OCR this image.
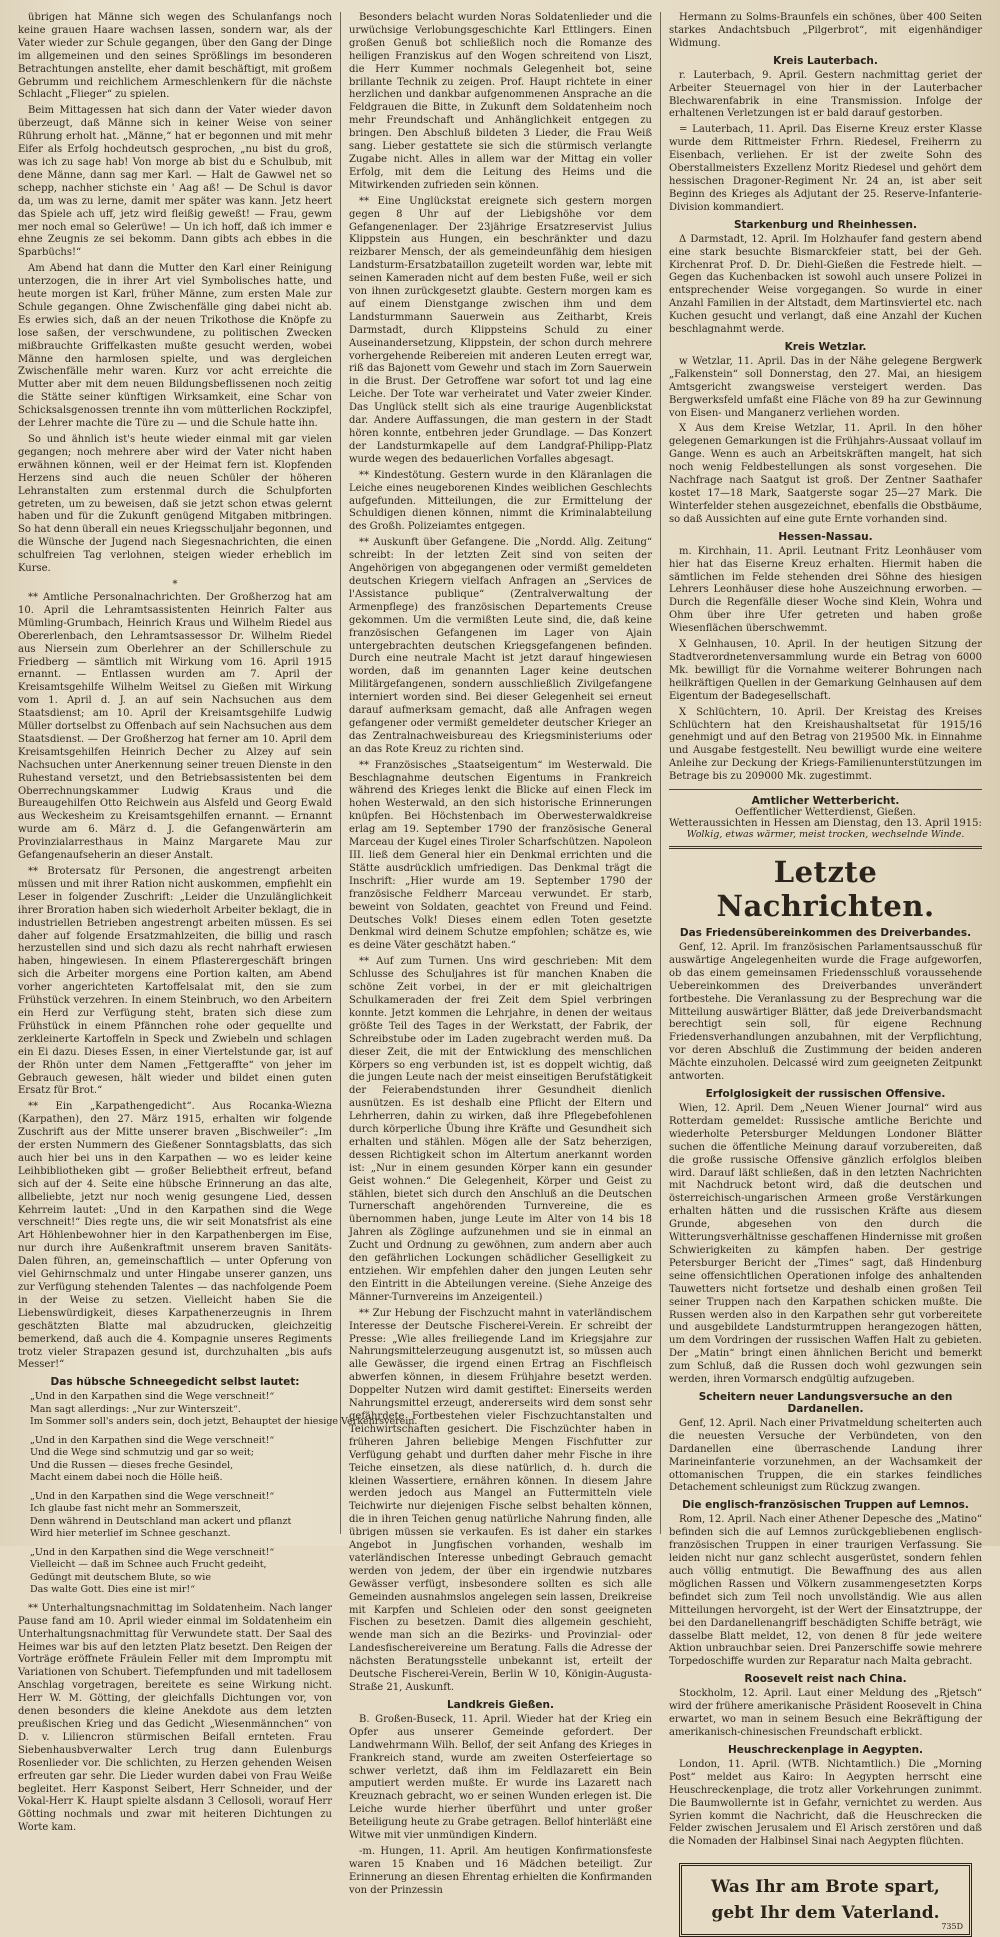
übrigen hat Männe sich wegen des Schulanfangs noch keine grauen Haare wachsen lassen, sondern war, als der Vater wieder zur Schule gegangen, über den Gang der Dinge im allgemeinen und den seines Sprößlings im besonderen Betrachtungen anstellte, eher damit beschäftigt, mit großem Gebrumm und reichlichem Armeschlenkern für die nächste Schlacht „Flieger“ zu spielen.

Beim Mittagessen hat sich dann der Vater wieder davon überzeugt, daß Männe sich in keiner Weise von seiner Rührung erholt hat. „Männe,“ hat er begonnen und mit mehr Eifer als Erfolg hochdeutsch gesprochen, „nu bist du groß, was ich zu sage hab! Von morge ab bist du e Schulbub, mit dene Männe, dann sag mer Karl. — Halt de Gawwel net so schepp, nachher stichste ein ' Aag aß! — De Schul is davor da, um was zu lerne, damit mer später was kann. Jetz heert das Spiele ach uff, jetz wird fleißig geweßt! — Frau, gewm mer noch emal so Gelerüwe! — Un ich hoff, daß ich immer e ehne Zeugnis ze sei bekomm. Dann gibts ach ebbes in die Sparbüchs!“

Am Abend hat dann die Mutter den Karl einer Reinigung unterzogen, die in ihrer Art viel Symbolisches hatte, und heute morgen ist Karl, früher Männe, zum ersten Male zur Schule gegangen. Ohne Zwischenfälle ging dabei nicht ab. Es erwies sich, daß an der neuen Trikothose die Knöpfe zu lose saßen, der verschwundene, zu politischen Zwecken mißbrauchte Griffelkasten mußte gesucht werden, wobei Männe den harmlosen spielte, und was dergleichen Zwischenfälle mehr waren. Kurz vor acht erreichte die Mutter aber mit dem neuen Bildungsbeflissenen noch zeitig die Stätte seiner künftigen Wirksamkeit, eine Schar von Schicksalsgenossen trennte ihn vom mütterlichen Rockzipfel, der Lehrer machte die Türe zu — und die Schule hatte ihn.

So und ähnlich ist's heute wieder einmal mit gar vielen gegangen; noch mehrere aber wird der Vater nicht haben erwähnen können, weil er der Heimat fern ist. Klopfenden Herzens sind auch die neuen Schüler der höheren Lehranstalten zum erstenmal durch die Schulpforten getreten, um zu beweisen, daß sie jetzt schon etwas gelernt haben und für die Zukunft genügend Mitgaben mitbringen. So hat denn überall ein neues Kriegsschuljahr begonnen, und die Wünsche der Jugend nach Siegesnachrichten, die einen schulfreien Tag verlohnen, steigen wieder erheblich im Kurse.

*

** Amtliche Personalnachrichten. Der Großherzog hat am 10. April die Lehramtsassistenten Heinrich Falter aus Mümling-Grumbach, Heinrich Kraus und Wilhelm Riedel aus Obererlenbach, den Lehramtsassessor Dr. Wilhelm Riedel aus Niersein zum Oberlehrer an der Schillerschule zu Friedberg — sämtlich mit Wirkung vom 16. April 1915 ernannt. — Entlassen wurden am 7. April der Kreisamtsgehilfe Wilhelm Weitsel zu Gießen mit Wirkung vom 1. April d. J. an auf sein Nachsuchen aus dem Staatsdienst; am 10. April der Kreisamtsgehilfe Ludwig Müller dortselbst zu Offenbach auf sein Nachsuchen aus dem Staatsdienst. — Der Großherzog hat ferner am 10. April dem Kreisamtsgehilfen Heinrich Decher zu Alzey auf sein Nachsuchen unter Anerkennung seiner treuen Dienste in den Ruhestand versetzt, und den Betriebsassistenten bei dem Oberrechnungskammer Ludwig Kraus und die Bureaugehilfen Otto Reichwein aus Alsfeld und Georg Ewald aus Weckesheim zu Kreisamtsgehilfen ernannt. — Ernannt wurde am 6. März d. J. die Gefangenwärterin am Provinzialarresthaus in Mainz Margarete Mau zur Gefangenaufseherin an dieser Anstalt.

** Brotersatz für Personen, die angestrengt arbeiten müssen und mit ihrer Ration nicht auskommen, empfiehlt ein Leser in folgender Zuschrift: „Leider die Unzulänglichkeit ihrer Broration haben sich wiederholt Arbeiter beklagt, die in industriellen Betrieben angestrengt arbeiten müssen. Es sei daher auf folgende Ersatzmahlzeiten, die billig und rasch herzustellen sind und sich dazu als recht nahrhaft erwiesen haben, hingewiesen. In einem Pflasterergeschäft bringen sich die Arbeiter morgens eine Portion kalten, am Abend vorher angerichteten Kartoffelsalat mit, den sie zum Frühstück verzehren. In einem Steinbruch, wo den Arbeitern ein Herd zur Verfügung steht, braten sich diese zum Frühstück in einem Pfännchen rohe oder gequellte und zerkleinerte Kartoffeln in Speck und Zwiebeln und schlagen ein Ei dazu. Dieses Essen, in einer Viertelstunde gar, ist auf der Rhön unter dem Namen „Fettgeraffte“ von jeher im Gebrauch gewesen, hält wieder und bildet einen guten Ersatz für Brot.“

** Ein „Karpathengedicht“. Aus Rocanka-Wiezna (Karpathen), den 27. März 1915, erhalten wir folgende Zuschrift aus der Mitte unserer braven „Bischweiler“: „Im der ersten Nummern des Gießener Sonntagsblatts, das sich auch hier bei uns in den Karpathen — wo es leider keine Leihbibliotheken gibt — großer Beliebtheit erfreut, befand sich auf der 4. Seite eine hübsche Erinnerung an das alte, allbeliebte, jetzt nur noch wenig gesungene Lied, dessen Kehrreim lautet: „Und in den Karpathen sind die Wege verschneit!“ Dies regte uns, die wir seit Monatsfrist als eine Art Höhlenbewohner hier in den Karpathenbergen im Eise, nur durch ihre Außenkraftmit unserem braven Sanitäts-Dalen führen, an, gemeinschaftlich — unter Opferung von viel Gehirnschmalz und unter Hingabe unserer ganzen, uns zur Verfügung stehenden Talentes — das nachfolgende Poem in der Weise zu setzen. Vielleicht haben Sie die Liebenswürdigkeit, dieses Karpathenerzeugnis in Ihrem geschätzten Blatte mal abzudrucken, gleichzeitig bemerkend, daß auch die 4. Kompagnie unseres Regiments trotz vieler Strapazen gesund ist, durchzuhalten „bis aufs Messer!“

Das hübsche Schneegedicht selbst lautet:
„Und in den Karpathen sind die Wege verschneit!“
Man sagt allerdings: „Nur zur Winterszeit“.
Im Sommer soll's anders sein, doch jetzt, Behauptet der hiesige Verkehrsverein.
„Und in den Karpathen sind die Wege verschneit!“
Und die Wege sind schmutzig und gar so weit;
Und die Russen — dieses freche Gesindel,
Macht einem dabei noch die Hölle heiß.
„Und in den Karpathen sind die Wege verschneit!“
Ich glaube fast nicht mehr an Sommerszeit,
Denn während in Deutschland man ackert und pflanzt
Wird hier meterlief im Schnee geschanzt.
„Und in den Karpathen sind die Wege verschneit!“
Vielleicht — daß im Schnee auch Frucht gedeiht,
Gedüngt mit deutschem Blute, so wie
Das walte Gott. Dies eine ist mir!“

** Unterhaltungsnachmittag im Soldatenheim. Nach langer Pause fand am 10. April wieder einmal im Soldatenheim ein Unterhaltungsnachmittag für Verwundete statt. Der Saal des Heimes war bis auf den letzten Platz besetzt. Den Reigen der Vorträge eröffnete Fräulein Feller mit dem Impromptu mit Variationen von Schubert. Tiefempfunden und mit tadellosem Anschlag vorgetragen, bereitete es seine Wirkung nicht. Herr W. M. Götting, der gleichfalls Dichtungen vor, von denen besonders die kleine Anekdote aus dem letzten preußischen Krieg und das Gedicht „Wiesenmännchen“ von D. v. Liliencron stürmischen Beifall ernteten. Frau Siebenhausbverwalter Lerch trug dann Eulenburgs Rosenlieder vor. Die schlichten, zu Herzen gehenden Weisen erfreuten gar sehr. Die Lieder wurden dabei von Frau Weiße begleitet. Herr Kasponst Seibert, Herr Schneider, und der Vokal-Herr K. Haupt spielte alsdann 3 Cellosoli, worauf Herr Götting nochmals und zwar mit heiteren Dichtungen zu Worte kam.

Besonders belacht wurden Noras Soldatenlieder und die urwüchsige Verlobungsgeschichte Karl Ettlingers. Einen großen Genuß bot schließlich noch die Romanze des heiligen Franziskus auf den Wogen schreitend von Liszt, die Herr Kummer nochmals Gelegenheit bot, seine brillante Technik zu zeigen. Prof. Haupt richtete in einer herzlichen und dankbar aufgenommenen Ansprache an die Feldgrauen die Bitte, in Zukunft dem Soldatenheim noch mehr Freundschaft und Anhänglichkeit entgegen zu bringen. Den Abschluß bildeten 3 Lieder, die Frau Weiß sang. Lieber gestattete sie sich die stürmisch verlangte Zugabe nicht. Alles in allem war der Mittag ein voller Erfolg, mit dem die Leitung des Heims und die Mitwirkenden zufrieden sein können.

** Eine Unglückstat ereignete sich gestern morgen gegen 8 Uhr auf der Liebigshöhe vor dem Gefangenenlager. Der 23jährige Ersatzreservist Julius Klippstein aus Hungen, ein beschränkter und dazu reizbarer Mensch, der als gemeindeunfähig dem hiesigen Landsturm-Ersatzbataillon zugeteilt worden war, lebte mit seinen Kameraden nicht auf dem besten Fuße, weil er sich von ihnen zurückgesetzt glaubte. Gestern morgen kam es auf einem Dienstgange zwischen ihm und dem Landsturmmann Sauerwein aus Zeitharbt, Kreis Darmstadt, durch Klippsteins Schuld zu einer Auseinandersetzung, Klippstein, der schon durch mehrere vorhergehende Reibereien mit anderen Leuten erregt war, riß das Bajonett vom Gewehr und stach im Zorn Sauerwein in die Brust. Der Getroffene war sofort tot und lag eine Leiche. Der Tote war verheiratet und Vater zweier Kinder. Das Unglück stellt sich als eine traurige Augenblickstat dar. Andere Auffassungen, die man gestern in der Stadt hören konnte, entbehren jeder Grundlage. — Das Konzert der Landsturmkapelle auf dem Landgraf-Philipp-Platz wurde wegen des bedauerlichen Vorfalles abgesagt.

** Kindestötung. Gestern wurde in den Kläranlagen die Leiche eines neugeborenen Kindes weiblichen Geschlechts aufgefunden. Mitteilungen, die zur Ermittelung der Schuldigen dienen können, nimmt die Kriminalabteilung des Großh. Polizeiamtes entgegen.

** Auskunft über Gefangene. Die „Nordd. Allg. Zeitung“ schreibt: In der letzten Zeit sind von seiten der Angehörigen von abgegangenen oder vermißt gemeldeten deutschen Kriegern vielfach Anfragen an „Services de l'Assistance publique“ (Zentralverwaltung der Armenpflege) des französischen Departements Creuse gekommen. Um die vermißten Leute sind, die, daß keine französischen Gefangenen im Lager von Ajain untergebrachten deutschen Kriegsgefangenen befinden. Durch eine neutrale Macht ist jetzt darauf hingewiesen worden, daß im genannten Lager keine deutschen Militärgefangenen, sondern ausschließlich Zivilgefangene interniert worden sind. Bei dieser Gelegenheit sei erneut darauf aufmerksam gemacht, daß alle Anfragen wegen gefangener oder vermißt gemeldeter deutscher Krieger an das Zentralnachweisbureau des Kriegsministeriums oder an das Rote Kreuz zu richten sind.

** Französisches „Staatseigentum“ im Westerwald. Die Beschlagnahme deutschen Eigentums in Frankreich während des Krieges lenkt die Blicke auf einen Fleck im hohen Westerwald, an den sich historische Erinnerungen knüpfen. Bei Höchstenbach im Oberwesterwaldkreise erlag am 19. September 1790 der französische General Marceau der Kugel eines Tiroler Scharfschützen. Napoleon III. ließ dem General hier ein Denkmal errichten und die Stätte ausdrücklich umfriedigen. Das Denkmal trägt die Inschrift: „Hier wurde am 19. September 1790 der französische Feldherr Marceau verwundet. Er starb, beweint von Soldaten, geachtet von Freund und Feind. Deutsches Volk! Dieses einem edlen Toten gesetzte Denkmal wird deinem Schutze empfohlen; schätze es, wie es deine Väter geschätzt haben.“

** Auf zum Turnen. Uns wird geschrieben: Mit dem Schlusse des Schuljahres ist für manchen Knaben die schöne Zeit vorbei, in der er mit gleichaltrigen Schulkameraden der frei Zeit dem Spiel verbringen konnte. Jetzt kommen die Lehrjahre, in denen der weitaus größte Teil des Tages in der Werkstatt, der Fabrik, der Schreibstube oder im Laden zugebracht werden muß. Da dieser Zeit, die mit der Entwicklung des menschlichen Körpers so eng verbunden ist, ist es doppelt wichtig, daß die jungen Leute nach der meist einseitigen Berufstätigkeit der Feierabendstunden ihrer Gesundheit dienlich ausnützen. Es ist deshalb eine Pflicht der Eltern und Lehrherren, dahin zu wirken, daß ihre Pflegebefohlenen durch körperliche Übung ihre Kräfte und Gesundheit sich erhalten und stählen. Mögen alle der Satz beherzigen, dessen Richtigkeit schon im Altertum anerkannt worden ist: „Nur in einem gesunden Körper kann ein gesunder Geist wohnen.“ Die Gelegenheit, Körper und Geist zu stählen, bietet sich durch den Anschluß an die Deutschen Turnerschaft angehörenden Turnvereine, die es übernommen haben, junge Leute im Alter von 14 bis 18 Jahren als Zöglinge aufzunehmen und sie in einmal an Zucht und Ordnung zu gewöhnen, zum andern aber auch den gefährlichen Lockungen schädlicher Geselligkeit zu entziehen. Wir empfehlen daher den jungen Leuten sehr den Eintritt in die Abteilungen vereine. (Siehe Anzeige des Männer-Turnvereins im Anzeigenteil.)

** Zur Hebung der Fischzucht mahnt in vaterländischem Interesse der Deutsche Fischerei-Verein. Er schreibt der Presse: „Wie alles freiliegende Land im Kriegsjahre zur Nahrungsmittelerzeugung ausgenutzt ist, so müssen auch alle Gewässer, die irgend einen Ertrag an Fischfleisch abwerfen können, in diesem Frühjahre besetzt werden. Doppelter Nutzen wird damit gestiftet: Einerseits werden Nahrungsmittel erzeugt, andererseits wird dem sonst sehr gefährdete Fortbestehen vieler Fischzuchtanstalten und Teichwirtschaften gesichert. Die Fischzüchter haben in früheren Jahren beliebige Mengen Fischfutter zur Verfügung gehabt und durften daher mehr Fische in ihre Teiche einsetzen, als diese natürlich, d. h. durch die kleinen Wassertiere, ernähren können. In diesem Jahre werden jedoch aus Mangel an Futtermitteln viele Teichwirte nur diejenigen Fische selbst behalten können, die in ihren Teichen genug natürliche Nahrung finden, alle übrigen müssen sie verkaufen. Es ist daher ein starkes Angebot in Jungfischen vorhanden, weshalb im vaterländischen Interesse unbedingt Gebrauch gemacht werden von jedem, der über ein irgendwie nutzbares Gewässer verfügt, insbesondere sollten es sich alle Gemeinden ausnahmslos angelegen sein lassen, Dreikreise mit Karpfen und Schleien oder den sonst geeigneten Fischen zu besetzen. Damit dies allgemein geschieht, wende man sich an die Bezirks- und Provinzial- oder Landesfischereivereine um Beratung. Falls die Adresse der nächsten Beratungsstelle unbekannt ist, erteilt der Deutsche Fischerei-Verein, Berlin W 10, Königin-Augusta-Straße 21, Auskunft.

Landkreis Gießen.

B. Großen-Buseck, 11. April. Wieder hat der Krieg ein Opfer aus unserer Gemeinde gefordert. Der Landwehrmann Wilh. Bellof, der seit Anfang des Krieges in Frankreich stand, wurde am zweiten Osterfeiertage so schwer verletzt, daß ihm im Feldlazarett ein Bein amputiert werden mußte. Er wurde ins Lazarett nach Kreuznach gebracht, wo er seinen Wunden erlegen ist. Die Leiche wurde hierher überführt und unter großer Beteiligung heute zu Grabe getragen. Bellof hinterläßt eine Witwe mit vier unmündigen Kindern.

-m. Hungen, 11. April. Am heutigen Konfirmationsfeste waren 15 Knaben und 16 Mädchen beteiligt. Zur Erinnerung an diesen Ehrentag erhielten die Konfirmanden von der Prinzessin

Hermann zu Solms-Braunfels ein schönes, über 400 Seiten starkes Andachtsbuch „Pilgerbrot“, mit eigenhändiger Widmung.

Kreis Lauterbach.

r. Lauterbach, 9. April. Gestern nachmittag geriet der Arbeiter Steuernagel von hier in der Lauterbacher Blechwarenfabrik in eine Transmission. Infolge der erhaltenen Verletzungen ist er bald darauf gestorben.

= Lauterbach, 11. April. Das Eiserne Kreuz erster Klasse wurde dem Rittmeister Frhrn. Riedesel, Freiherrn zu Eisenbach, verliehen. Er ist der zweite Sohn des Oberstallmeisters Exzellenz Moritz Riedesel und gehört dem hessischen Dragoner-Regiment Nr. 24 an, ist aber seit Beginn des Krieges als Adjutant der 25. Reserve-Infanterie-Division kommandiert.

Starkenburg und Rheinhessen.

Δ Darmstadt, 12. April. Im Holzhaufer fand gestern abend eine stark besuchte Bismarckfeier statt, bei der Geh. Kirchenrat Prof. D. Dr. Diehl-Gießen die Festrede hielt. — Gegen das Kuchenbacken ist sowohl auch unsere Polizei in entsprechender Weise vorgegangen. So wurde in einer Anzahl Familien in der Altstadt, dem Martinsviertel etc. nach Kuchen gesucht und verlangt, daß eine Anzahl der Kuchen beschlagnahmt werde.

Kreis Wetzlar.

w Wetzlar, 11. April. Das in der Nähe gelegene Bergwerk „Falkenstein“ soll Donnerstag, den 27. Mai, an hiesigem Amtsgericht zwangsweise versteigert werden. Das Bergwerksfeld umfaßt eine Fläche von 89 ha zur Gewinnung von Eisen- und Manganerz verliehen worden.

X Aus dem Kreise Wetzlar, 11. April. In den höher gelegenen Gemarkungen ist die Frühjahrs-Aussaat vollauf im Gange. Wenn es auch an Arbeitskräften mangelt, hat sich noch wenig Feldbestellungen als sonst vorgesehen. Die Nachfrage nach Saatgut ist groß. Der Zentner Saathafer kostet 17—18 Mark, Saatgerste sogar 25—27 Mark. Die Winterfelder stehen ausgezeichnet, ebenfalls die Obstbäume, so daß Aussichten auf eine gute Ernte vorhanden sind.

Hessen-Nassau.

m. Kirchhain, 11. April. Leutnant Fritz Leonhäuser vom hier hat das Eiserne Kreuz erhalten. Hiermit haben die sämtlichen im Felde stehenden drei Söhne des hiesigen Lehrers Leonhäuser diese hohe Auszeichnung erworben. — Durch die Regenfälle dieser Woche sind Klein, Wohra und Ohm über ihre Ufer getreten und haben große Wiesenflächen überschwemmt.

X Gelnhausen, 10. April. In der heutigen Sitzung der Stadtverordnetenversammlung wurde ein Betrag von 6000 Mk. bewilligt für die Vornahme weiterer Bohrungen nach heilkräftigen Quellen in der Gemarkung Gelnhausen auf dem Eigentum der Badegesellschaft.

X Schlüchtern, 10. April. Der Kreistag des Kreises Schlüchtern hat den Kreishaushaltsetat für 1915/16 genehmigt und auf den Betrag von 219500 Mk. in Einnahme und Ausgabe festgestellt. Neu bewilligt wurde eine weitere Anleihe zur Deckung der Kriegs-Familienunterstützungen im Betrage bis zu 209000 Mk. zugestimmt.

Amtlicher Wetterbericht.
Oeffentlicher Wetterdienst, Gießen.
Wetteraussichten in Hessen am Dienstag, den 13. April 1915:
Wolkig, etwas wärmer, meist trocken, wechselnde Winde.
Letzte Nachrichten.
Das Friedensübereinkommen des Dreiverbandes.

Genf, 12. April. Im französischen Parlamentsausschuß für auswärtige Angelegenheiten wurde die Frage aufgeworfen, ob das einem gemeinsamen Friedensschluß voraussehende Uebereinkommen des Dreiverbandes unverändert fortbestehe. Die Veranlassung zu der Besprechung war die Mitteilung auswärtiger Blätter, daß jede Dreiverbandsmacht berechtigt sein soll, für eigene Rechnung Friedensverhandlungen anzubahnen, mit der Verpflichtung, vor deren Abschluß die Zustimmung der beiden anderen Mächte einzuholen. Delcassé wird zum geeigneten Zeitpunkt antworten.

Erfolglosigkeit der russischen Offensive.

Wien, 12. April. Dem „Neuen Wiener Journal“ wird aus Rotterdam gemeldet: Russische amtliche Berichte und wiederholte Petersburger Meldungen Londoner Blätter suchen die öffentliche Meinung darauf vorzubereiten, daß die große russische Offensive gänzlich erfolglos bleiben wird. Darauf läßt schließen, daß in den letzten Nachrichten mit Nachdruck betont wird, daß die deutschen und österreichisch-ungarischen Armeen große Verstärkungen erhalten hätten und die russischen Kräfte aus diesem Grunde, abgesehen von den durch die Witterungsverhältnisse geschaffenen Hindernisse mit großen Schwierigkeiten zu kämpfen haben. Der gestrige Petersburger Bericht der „Times“ sagt, daß Hindenburg seine offensichtlichen Operationen infolge des anhaltenden Tauwetters nicht fortsetze und deshalb einen großen Teil seiner Truppen nach den Karpathen schicken mußte. Die Russen werden also in den Karpathen sehr gut vorbereitete und ausgebildete Landsturmtruppen herangezogen hätten, um dem Vordringen der russischen Waffen Halt zu gebieten. Der „Matin“ bringt einen ähnlichen Bericht und bemerkt zum Schluß, daß die Russen doch wohl gezwungen sein werden, ihren Vormarsch endgültig aufzugeben.

Scheitern neuer Landungsversuche an den Dardanellen.

Genf, 12. April. Nach einer Privatmeldung scheiterten auch die neuesten Versuche der Verbündeten, von den Dardanellen eine überraschende Landung ihrer Marineinfanterie vorzunehmen, an der Wachsamkeit der ottomanischen Truppen, die ein starkes feindliches Detachement schleunigst zum Rückzug zwangen.

Die englisch-französischen Truppen auf Lemnos.

Rom, 12. April. Nach einer Athener Depesche des „Matino“ befinden sich die auf Lemnos zurückgebliebenen englisch-französischen Truppen in einer traurigen Verfassung. Sie leiden nicht nur ganz schlecht ausgerüstet, sondern fehlen auch völlig entmutigt. Die Bewaffnung des aus allen möglichen Rassen und Völkern zusammengesetzten Korps befindet sich zum Teil noch unvollständig. Wie aus allen Mitteilungen hervorgeht, ist der Wert der Einsatztruppe, der bei den Dardanellenangriff beschädigten Schiffe beträgt, wie dasselbe Blatt meldet, 12, von denen 8 für jede weitere Aktion unbrauchbar seien. Drei Panzerschiffe sowie mehrere Torpedoschiffe wurden zur Reparatur nach Malta gebracht.

Roosevelt reist nach China.

Stockholm, 12. April. Laut einer Meldung des „Rjetsch“ wird der frühere amerikanische Präsident Roosevelt in China erwartet, wo man in seinem Besuch eine Bekräftigung der amerikanisch-chinesischen Freundschaft erblickt.

Heuschreckenplage in Aegypten.

London, 11. April. (WTB. Nichtamtlich.) Die „Morning Post“ meldet aus Kairo: In Aegypten herrscht eine Heuschreckenplage, die trotz aller Vorkehrungen zunimmt. Die Baumwollernte ist in Gefahr, vernichtet zu werden. Aus Syrien kommt die Nachricht, daß die Heuschrecken die Felder zwischen Jerusalem und El Arisch zerstören und daß die Nomaden der Halbinsel Sinai nach Aegypten flüchten.

Was Ihr am Brote spart,
gebt Ihr dem Vaterland.
735D
